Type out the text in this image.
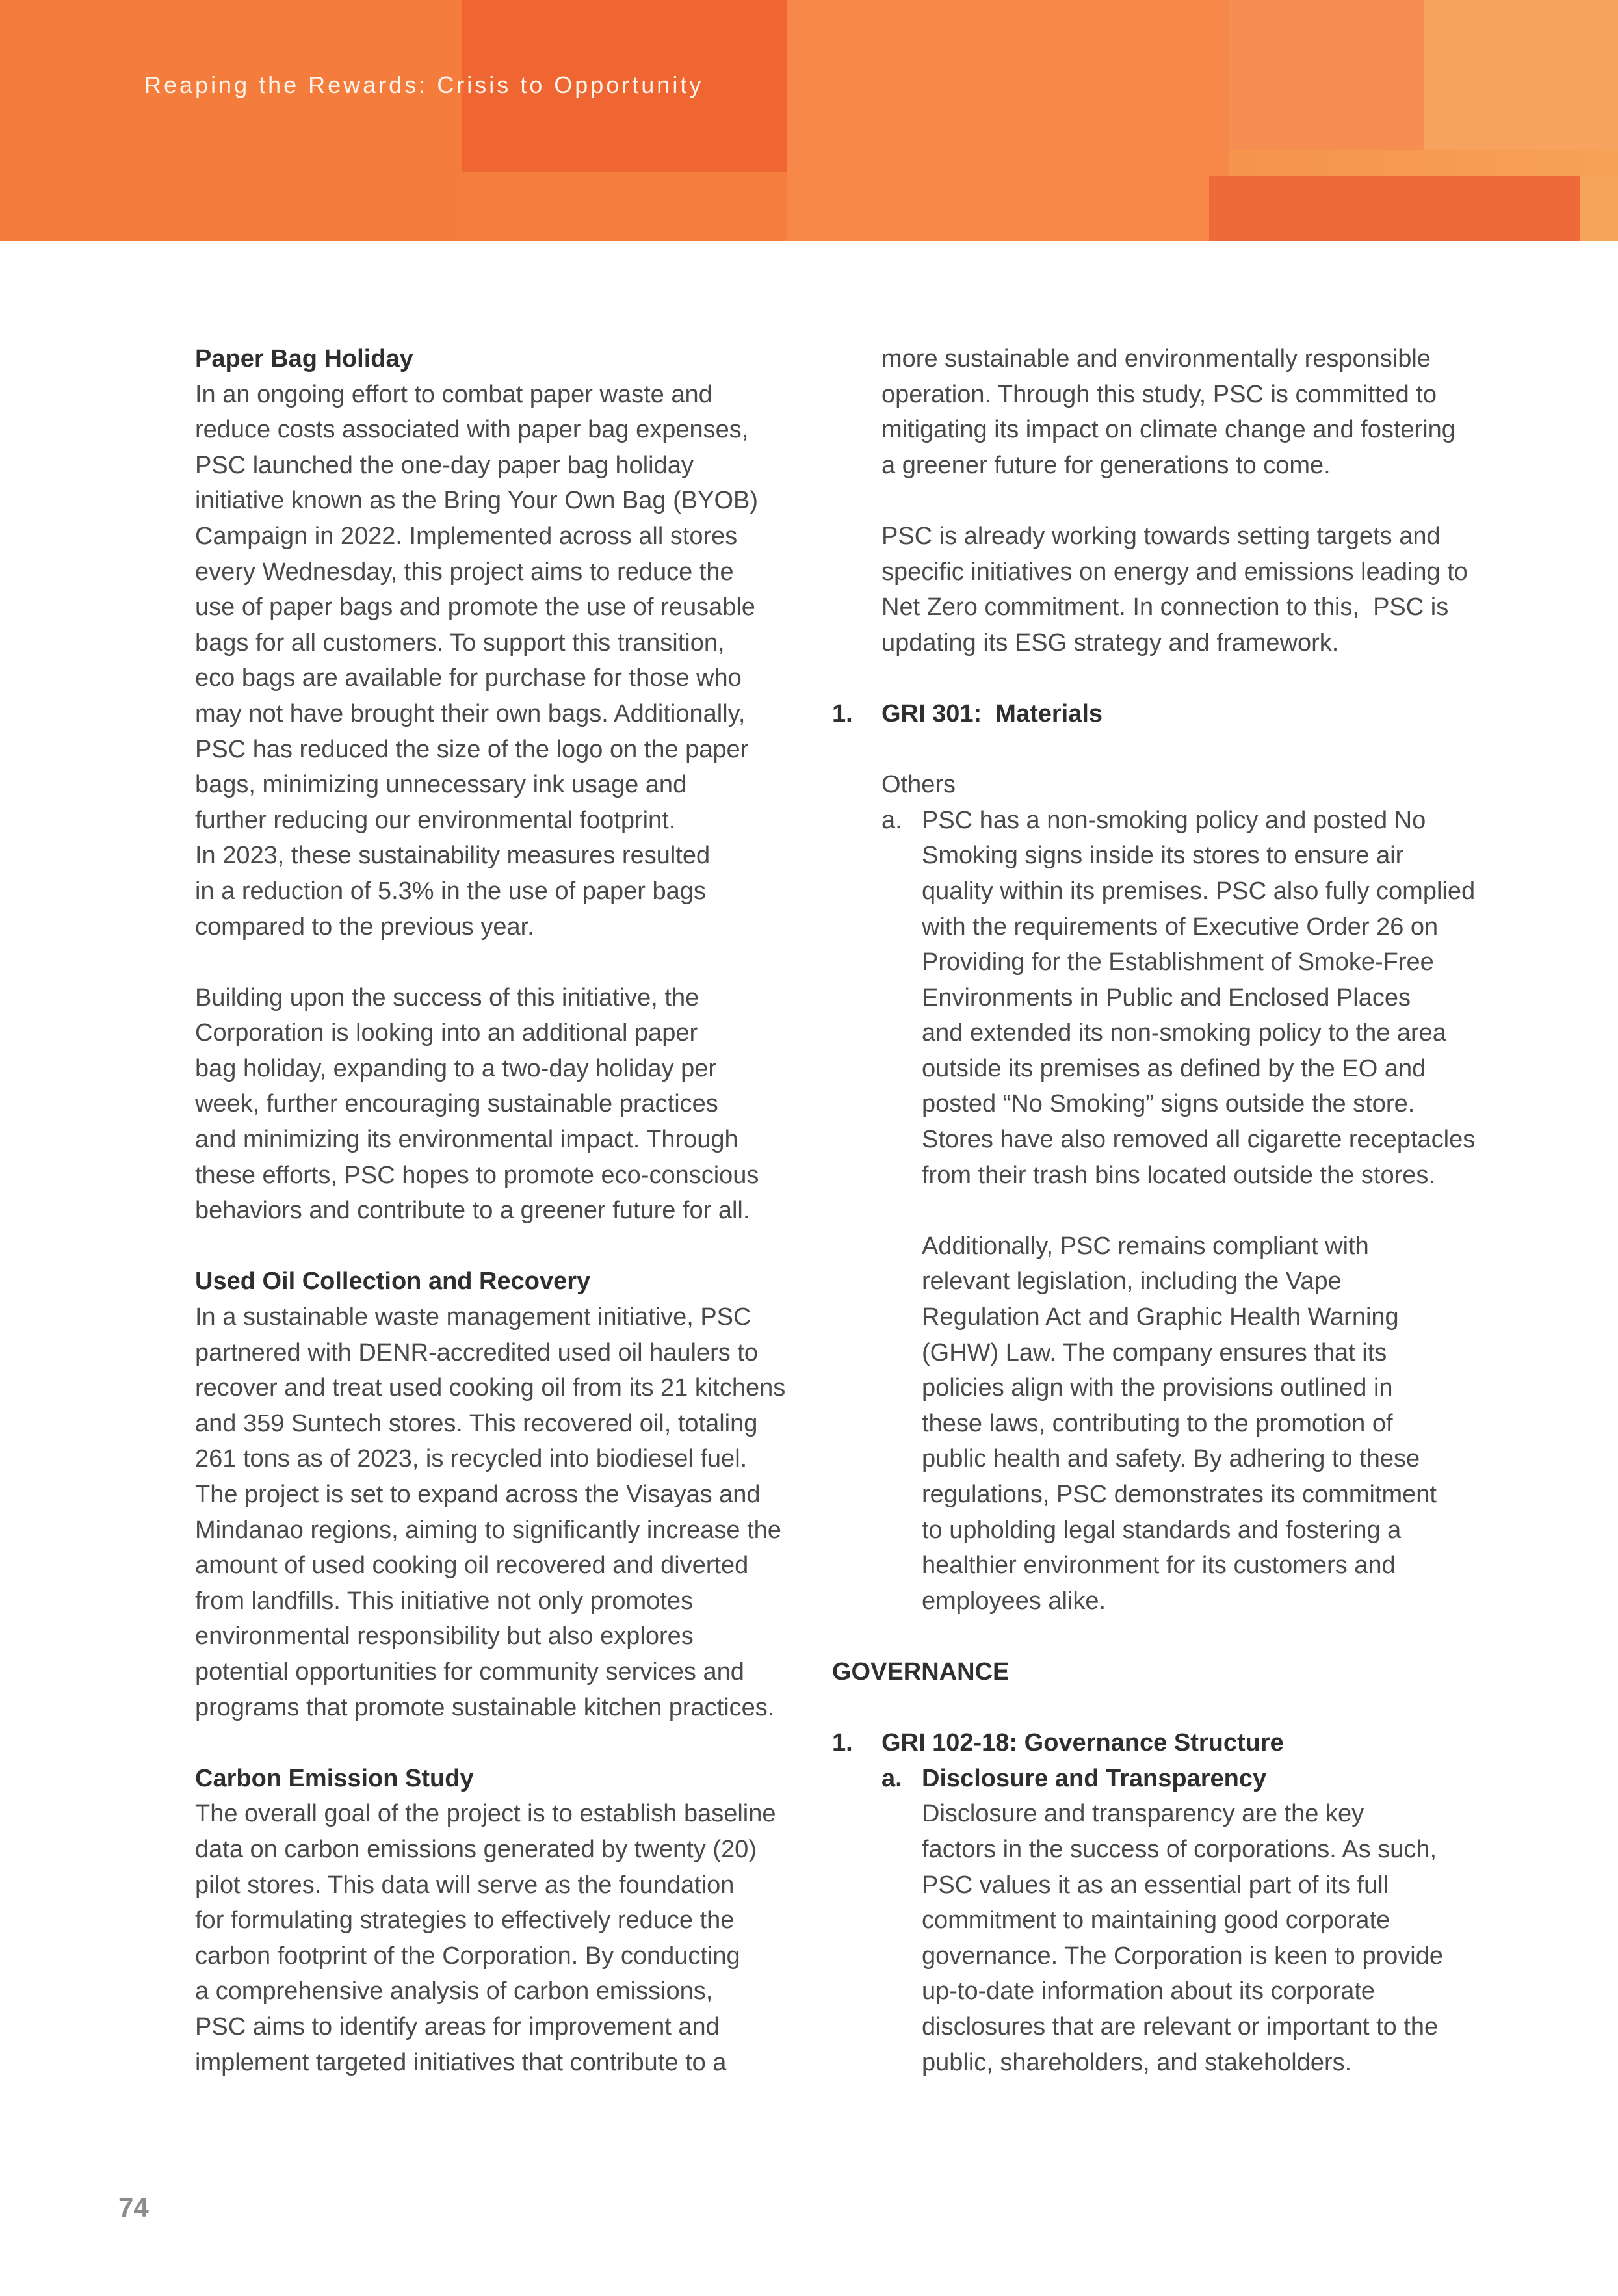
Reaping the Rewards: Crisis to Opportunity
Paper Bag Holiday
In an ongoing effort to combat paper waste and
reduce costs associated with paper bag expenses,
PSC launched the one-day paper bag holiday
initiative known as the Bring Your Own Bag (BYOB)
Campaign in 2022. Implemented across all stores
every Wednesday, this project aims to reduce the
use of paper bags and promote the use of reusable
bags for all customers. To support this transition,
eco bags are available for purchase for those who
may not have brought their own bags. Additionally,
PSC has reduced the size of the logo on the paper
bags, minimizing unnecessary ink usage and
further reducing our environmental footprint.
In 2023, these sustainability measures resulted
in a reduction of 5.3% in the use of paper bags
compared to the previous year.
Building upon the success of this initiative, the
Corporation is looking into an additional paper
bag holiday, expanding to a two-day holiday per
week, further encouraging sustainable practices
and minimizing its environmental impact. Through
these efforts, PSC hopes to promote eco-conscious
behaviors and contribute to a greener future for all.
Used Oil Collection and Recovery
In a sustainable waste management initiative, PSC
partnered with DENR-accredited used oil haulers to
recover and treat used cooking oil from its 21 kitchens
and 359 Suntech stores. This recovered oil, totaling
261 tons as of 2023, is recycled into biodiesel fuel.
The project is set to expand across the Visayas and
Mindanao regions, aiming to significantly increase the
amount of used cooking oil recovered and diverted
from landfills. This initiative not only promotes
environmental responsibility but also explores
potential opportunities for community services and
programs that promote sustainable kitchen practices.
Carbon Emission Study
The overall goal of the project is to establish baseline
data on carbon emissions generated by twenty (20)
pilot stores. This data will serve as the foundation
for formulating strategies to effectively reduce the
carbon footprint of the Corporation. By conducting
a comprehensive analysis of carbon emissions,
PSC aims to identify areas for improvement and
implement targeted initiatives that contribute to a
more sustainable and environmentally responsible
operation. Through this study, PSC is committed to
mitigating its impact on climate change and fostering
a greener future for generations to come.
PSC is already working towards setting targets and
specific initiatives on energy and emissions leading to
Net Zero commitment. In connection to this,  PSC is
updating its ESG strategy and framework.
1. GRI 301:  Materials
Others
a. PSC has a non-smoking policy and posted No
Smoking signs inside its stores to ensure air
quality within its premises. PSC also fully complied
with the requirements of Executive Order 26 on
Providing for the Establishment of Smoke-Free
Environments in Public and Enclosed Places
and extended its non-smoking policy to the area
outside its premises as defined by the EO and
posted “No Smoking” signs outside the store.
Stores have also removed all cigarette receptacles
from their trash bins located outside the stores.
Additionally, PSC remains compliant with
relevant legislation, including the Vape
Regulation Act and Graphic Health Warning
(GHW) Law. The company ensures that its
policies align with the provisions outlined in
these laws, contributing to the promotion of
public health and safety. By adhering to these
regulations, PSC demonstrates its commitment
to upholding legal standards and fostering a
healthier environment for its customers and
employees alike.
GOVERNANCE
1. GRI 102-18: Governance Structure
a. Disclosure and Transparency
Disclosure and transparency are the key
factors in the success of corporations. As such,
PSC values it as an essential part of its full
commitment to maintaining good corporate
governance. The Corporation is keen to provide
up-to-date information about its corporate
disclosures that are relevant or important to the
public, shareholders, and stakeholders.
74
